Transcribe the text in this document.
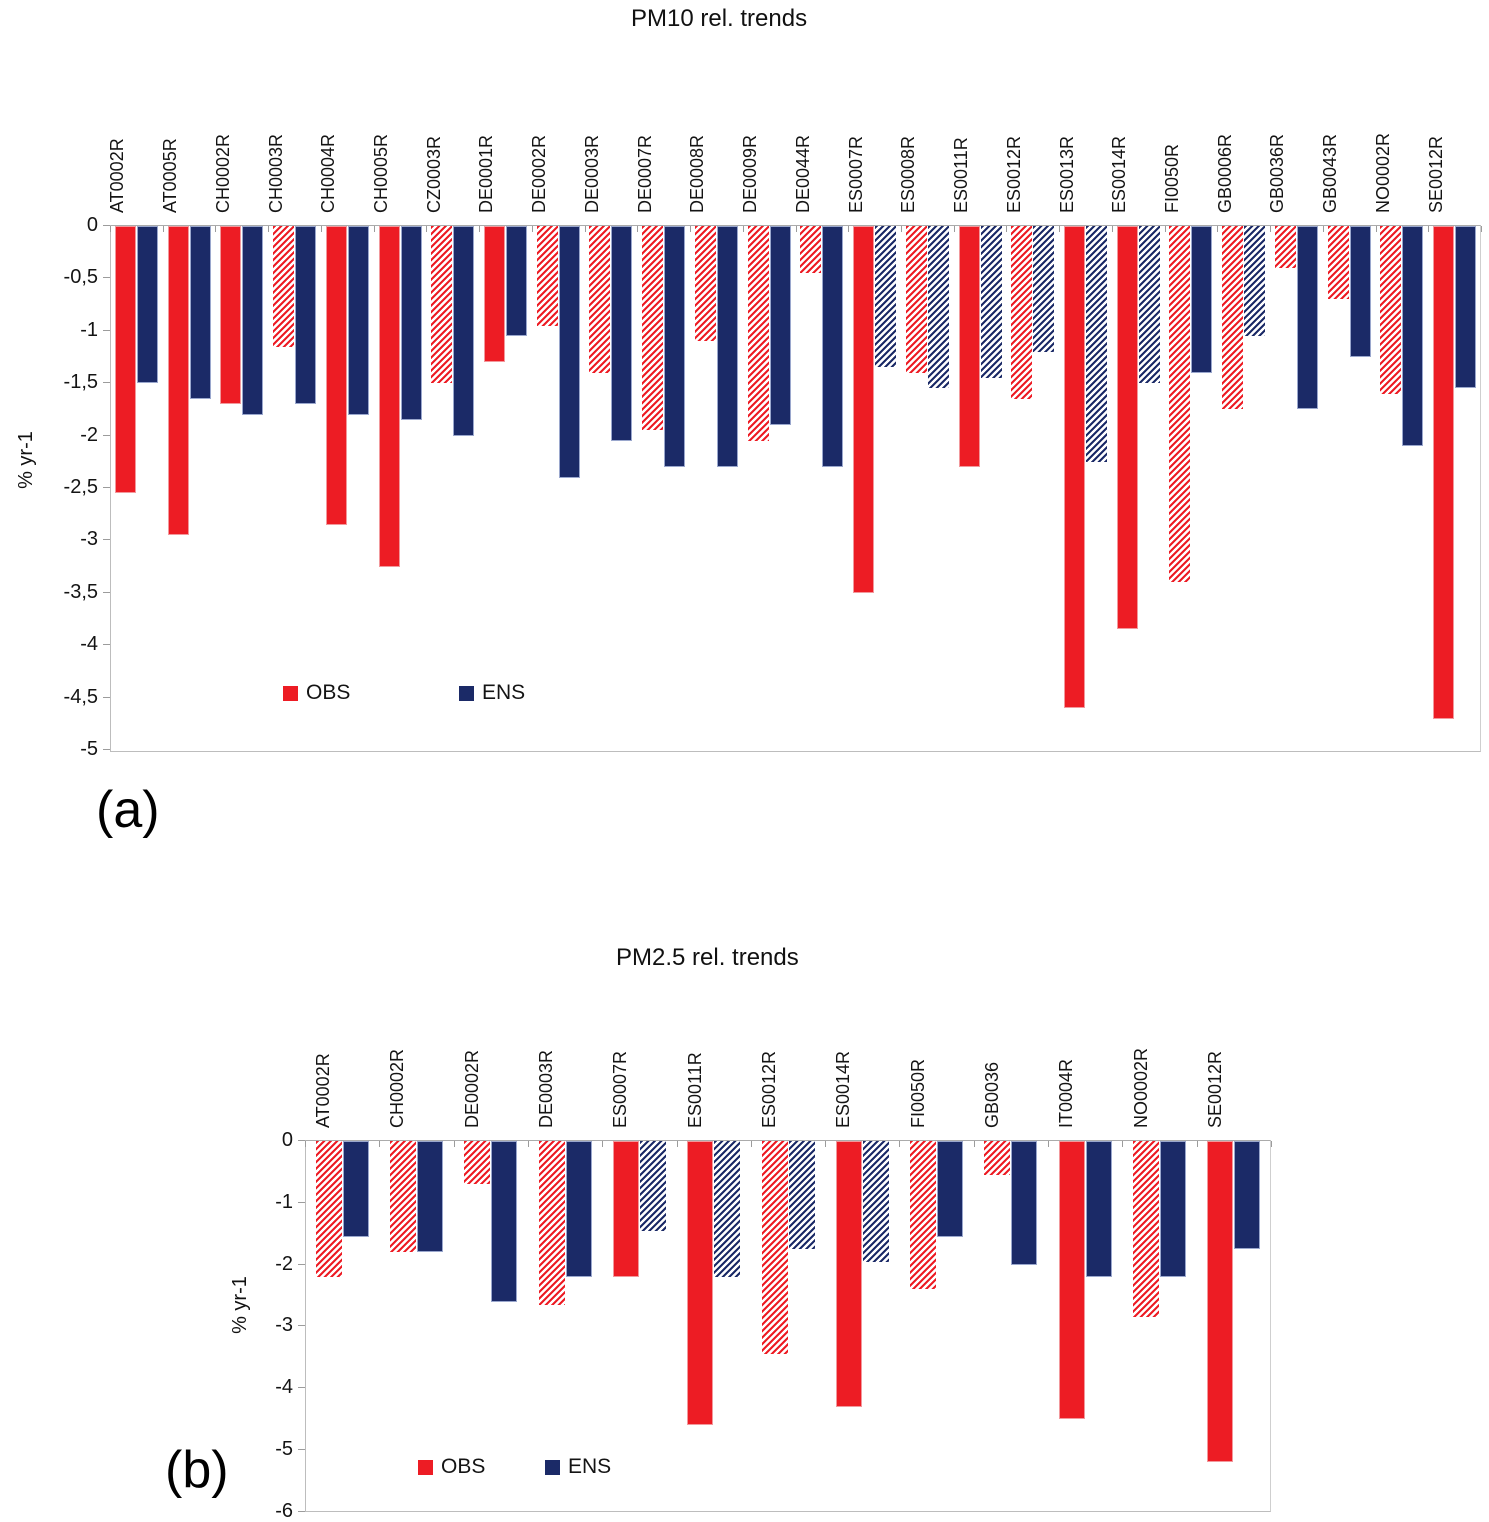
PM10 rel. trends
% yr-1
(a)
0
-0,5
-1
-1,5
-2
-2,5
-3
-3,5
-4
-4,5
-5
AT0002R AT0005R CH0002R CH0003R CH0004R CH0005R CZ0003R DE0001R DE0002R DE0003R DE0007R DE0008R DE0009R DE0044R ES0007R ES0008R ES0011R ES0012R ES0013R ES0014R FI0050R GB0006R GB0036R GB0043R NO0002R SE0012R
OBS	ENS
PM2.5 rel. trends
% yr-1
(b)
0
-1
-2
-3
-4
-5
-6
AT0002R	CH0002R	DE0002R	DE0003R	ES0007R	ES0011R	ES0012R	ES0014R	FI0050R	GB0036	IT0004R	NO0002R	SE0012R
OBS	ENS
